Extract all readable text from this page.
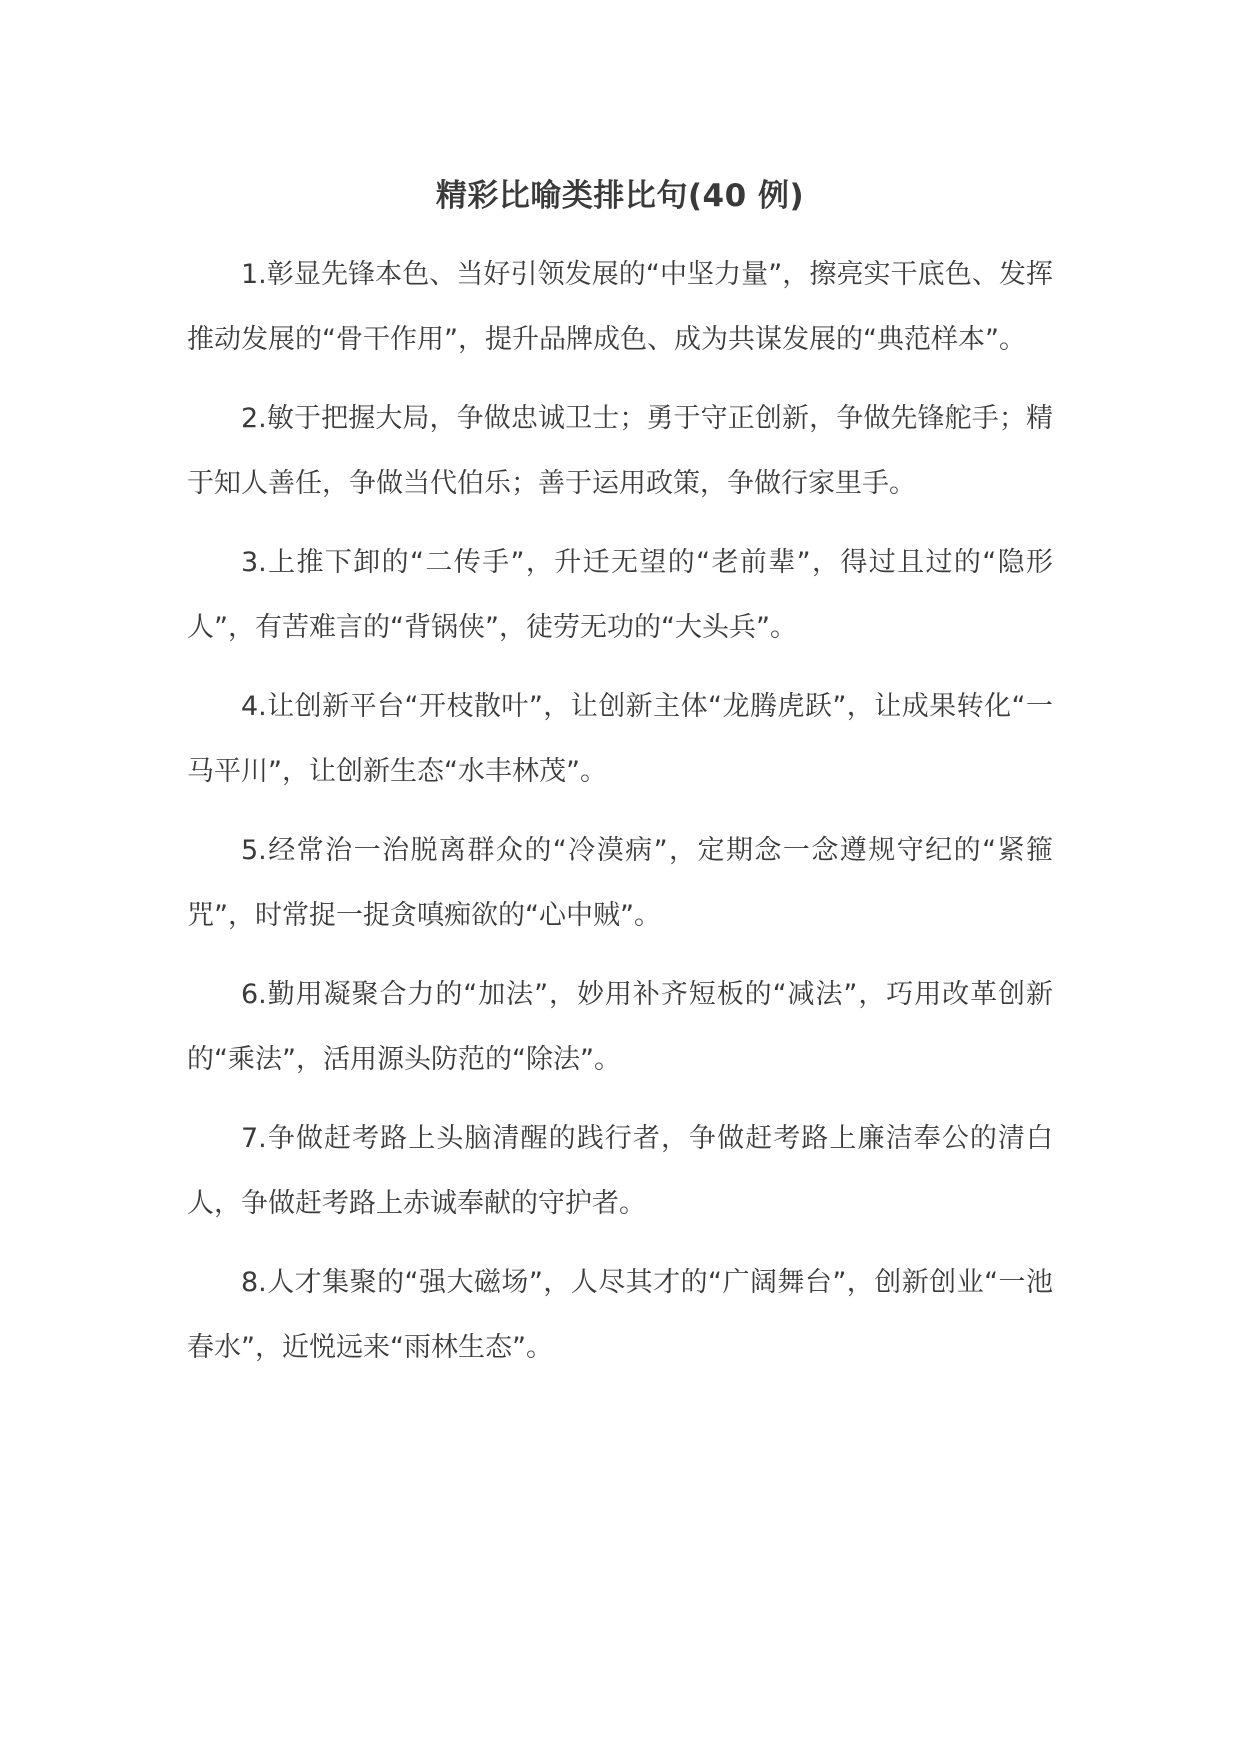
精彩比喻类排比句(40 例)

1.彰显先锋本色、当好引领发展的“中坚力量”，擦亮实干底色、发挥推动发展的“骨干作用”，提升品牌成色、成为共谋发展的“典范样本”。

2.敏于把握大局，争做忠诚卫士；勇于守正创新，争做先锋舵手；精于知人善任，争做当代伯乐；善于运用政策，争做行家里手。

3.上推下卸的“二传手”，升迁无望的“老前辈”，得过且过的“隐形人”，有苦难言的“背锅侠”，徒劳无功的“大头兵”。

4.让创新平台“开枝散叶”，让创新主体“龙腾虎跃”，让成果转化“一马平川”，让创新生态“水丰林茂”。

5.经常治一治脱离群众的“冷漠病”，定期念一念遵规守纪的“紧箍咒”，时常捉一捉贪嗔痴欲的“心中贼”。

6.勤用凝聚合力的“加法”，妙用补齐短板的“减法”，巧用改革创新的“乘法”，活用源头防范的“除法”。

7.争做赶考路上头脑清醒的践行者，争做赶考路上廉洁奉公的清白人，争做赶考路上赤诚奉献的守护者。

8.人才集聚的“强大磁场”，人尽其才的“广阔舞台”，创新创业“一池春水”，近悦远来“雨林生态”。
